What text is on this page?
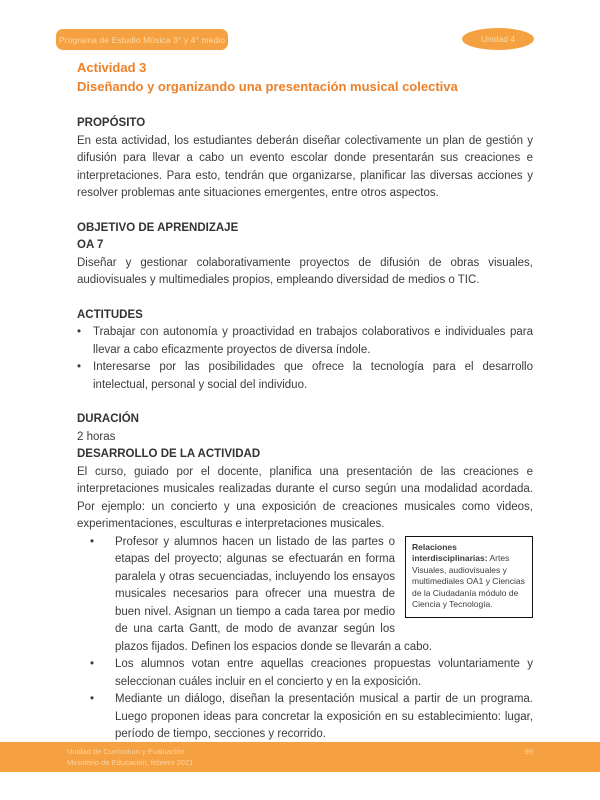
Programa de Estudio Música 3° y 4° medio	Unidad 4
Actividad 3
Diseñando y organizando una presentación musical colectiva
PROPÓSITO
En esta actividad, los estudiantes deberán diseñar colectivamente un plan de gestión y difusión para llevar a cabo un evento escolar donde presentarán sus creaciones e interpretaciones. Para esto, tendrán que organizarse, planificar las diversas acciones y resolver problemas ante situaciones emergentes, entre otros aspectos.
OBJETIVO DE APRENDIZAJE
OA 7
Diseñar y gestionar colaborativamente proyectos de difusión de obras visuales, audiovisuales y multimediales propios, empleando diversidad de medios o TIC.
ACTITUDES
• Trabajar con autonomía y proactividad en trabajos colaborativos e individuales para llevar a cabo eficazmente proyectos de diversa índole.
• Interesarse por las posibilidades que ofrece la tecnología para el desarrollo intelectual, personal y social del individuo.
DURACIÓN
2 horas
DESARROLLO DE LA ACTIVIDAD
El curso, guiado por el docente, planifica una presentación de las creaciones e interpretaciones musicales realizadas durante el curso según una modalidad acordada. Por ejemplo: un concierto y una exposición de creaciones musicales como videos, experimentaciones, esculturas e interpretaciones musicales.
Relaciones interdisciplinarias: Artes Visuales, audiovisuales y multimediales OA1 y Ciencias de la Ciudadanía módulo de Ciencia y Tecnología.
• Profesor y alumnos hacen un listado de las partes o etapas del proyecto; algunas se efectuarán en forma paralela y otras secuenciadas, incluyendo los ensayos musicales necesarios para ofrecer una muestra de buen nivel. Asignan un tiempo a cada tarea por medio de una carta Gantt, de modo de avanzar según los plazos fijados. Definen los espacios donde se llevarán a cabo.
• Los alumnos votan entre aquellas creaciones propuestas voluntariamente y seleccionan cuáles incluir en el concierto y en la exposición.
• Mediante un diálogo, diseñan la presentación musical a partir de un programa. Luego proponen ideas para concretar la exposición en su establecimiento: lugar, período de tiempo, secciones y recorrido.
Unidad de Currículum y Evaluación
Ministerio de Educación, febrero 2021
99
